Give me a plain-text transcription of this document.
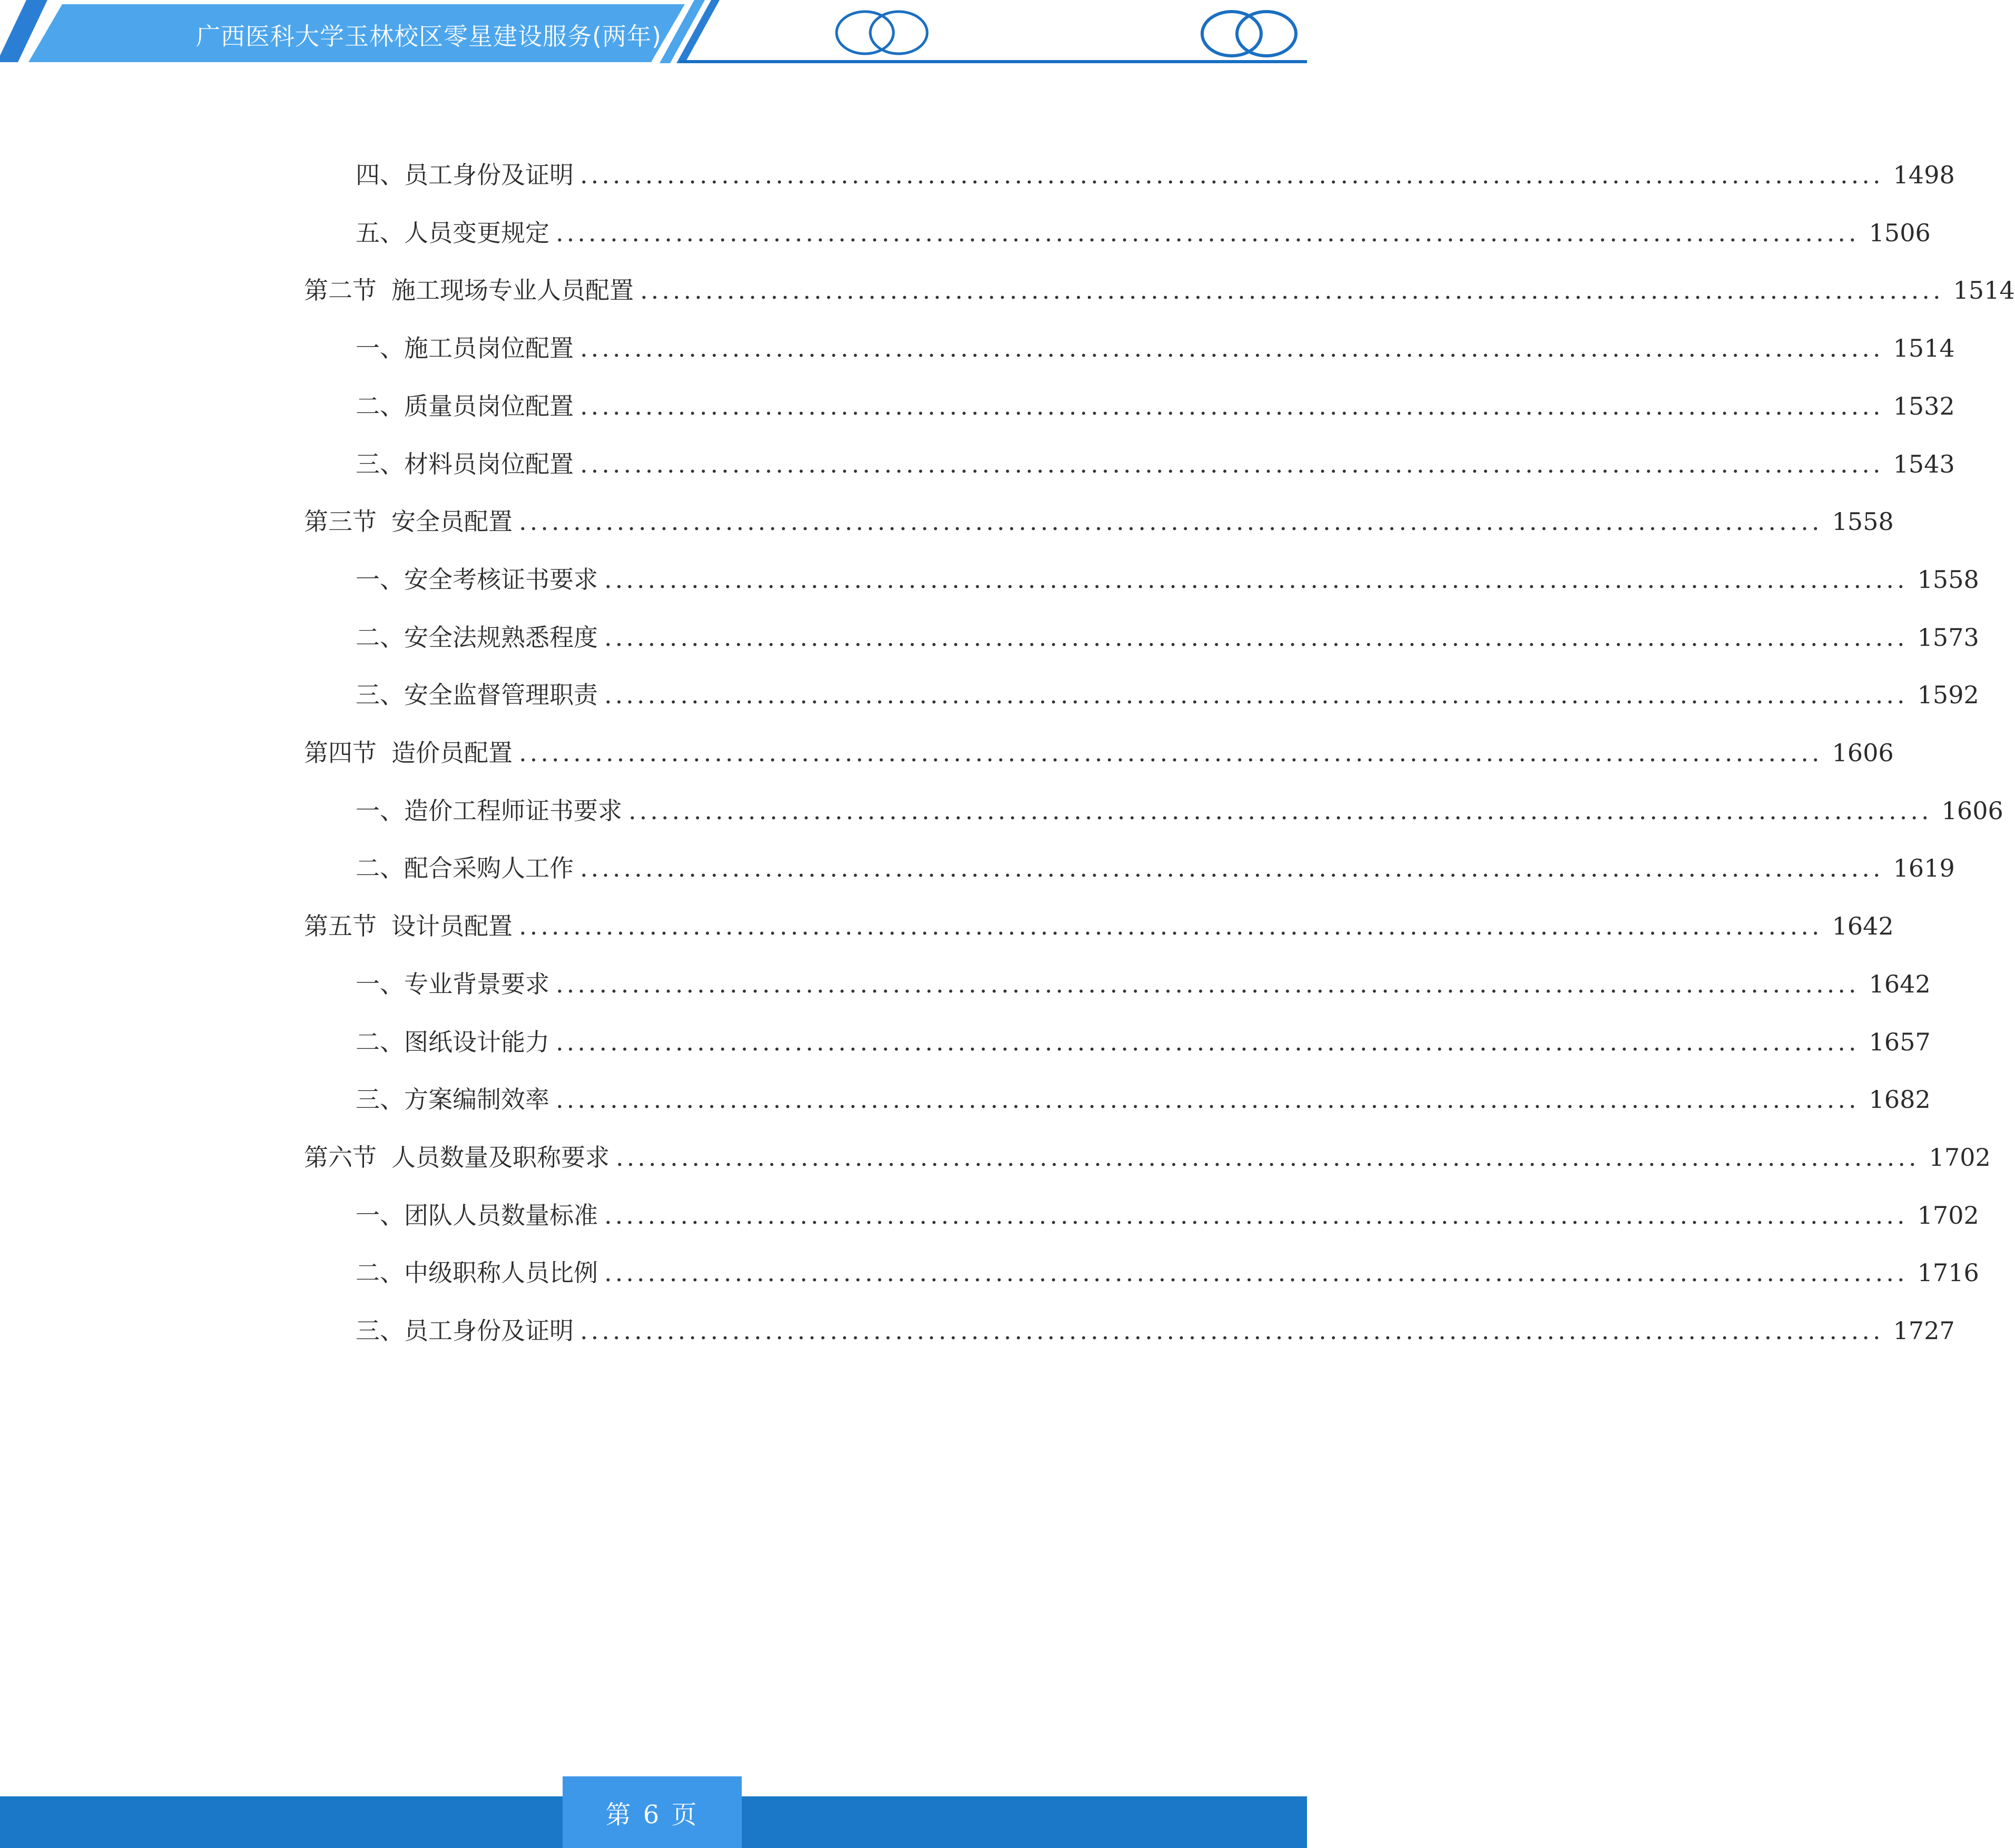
广西医科大学玉林校区零星建设服务(两年)
四、 员工身份及证明 ........................................................................................................................ 1498
五、 人员变更规定 ........................................................................................................................ 1506
第二节 施工现场专业人员配置 ........................................................................................................................ 1514
一、 施工员岗位配置 ........................................................................................................................ 1514
二、 质量员岗位配置 ........................................................................................................................ 1532
三、 材料员岗位配置 ........................................................................................................................ 1543
第三节 安全员配置 ........................................................................................................................ 1558
一、 安全考核证书要求 ........................................................................................................................ 1558
二、 安全法规熟悉程度 ........................................................................................................................ 1573
三、 安全监督管理职责 ........................................................................................................................ 1592
第四节 造价员配置 ........................................................................................................................ 1606
一、 造价工程师证书要求 ........................................................................................................................ 1606
二、 配合采购人工作 ........................................................................................................................ 1619
第五节 设计员配置 ........................................................................................................................ 1642
一、 专业背景要求 ........................................................................................................................ 1642
二、 图纸设计能力 ........................................................................................................................ 1657
三、 方案编制效率 ........................................................................................................................ 1682
第六节 人员数量及职称要求 ........................................................................................................................ 1702
一、 团队人员数量标准 ........................................................................................................................ 1702
二、 中级职称人员比例 ........................................................................................................................ 1716
三、 员工身份及证明 ........................................................................................................................ 1727
第 6 页
